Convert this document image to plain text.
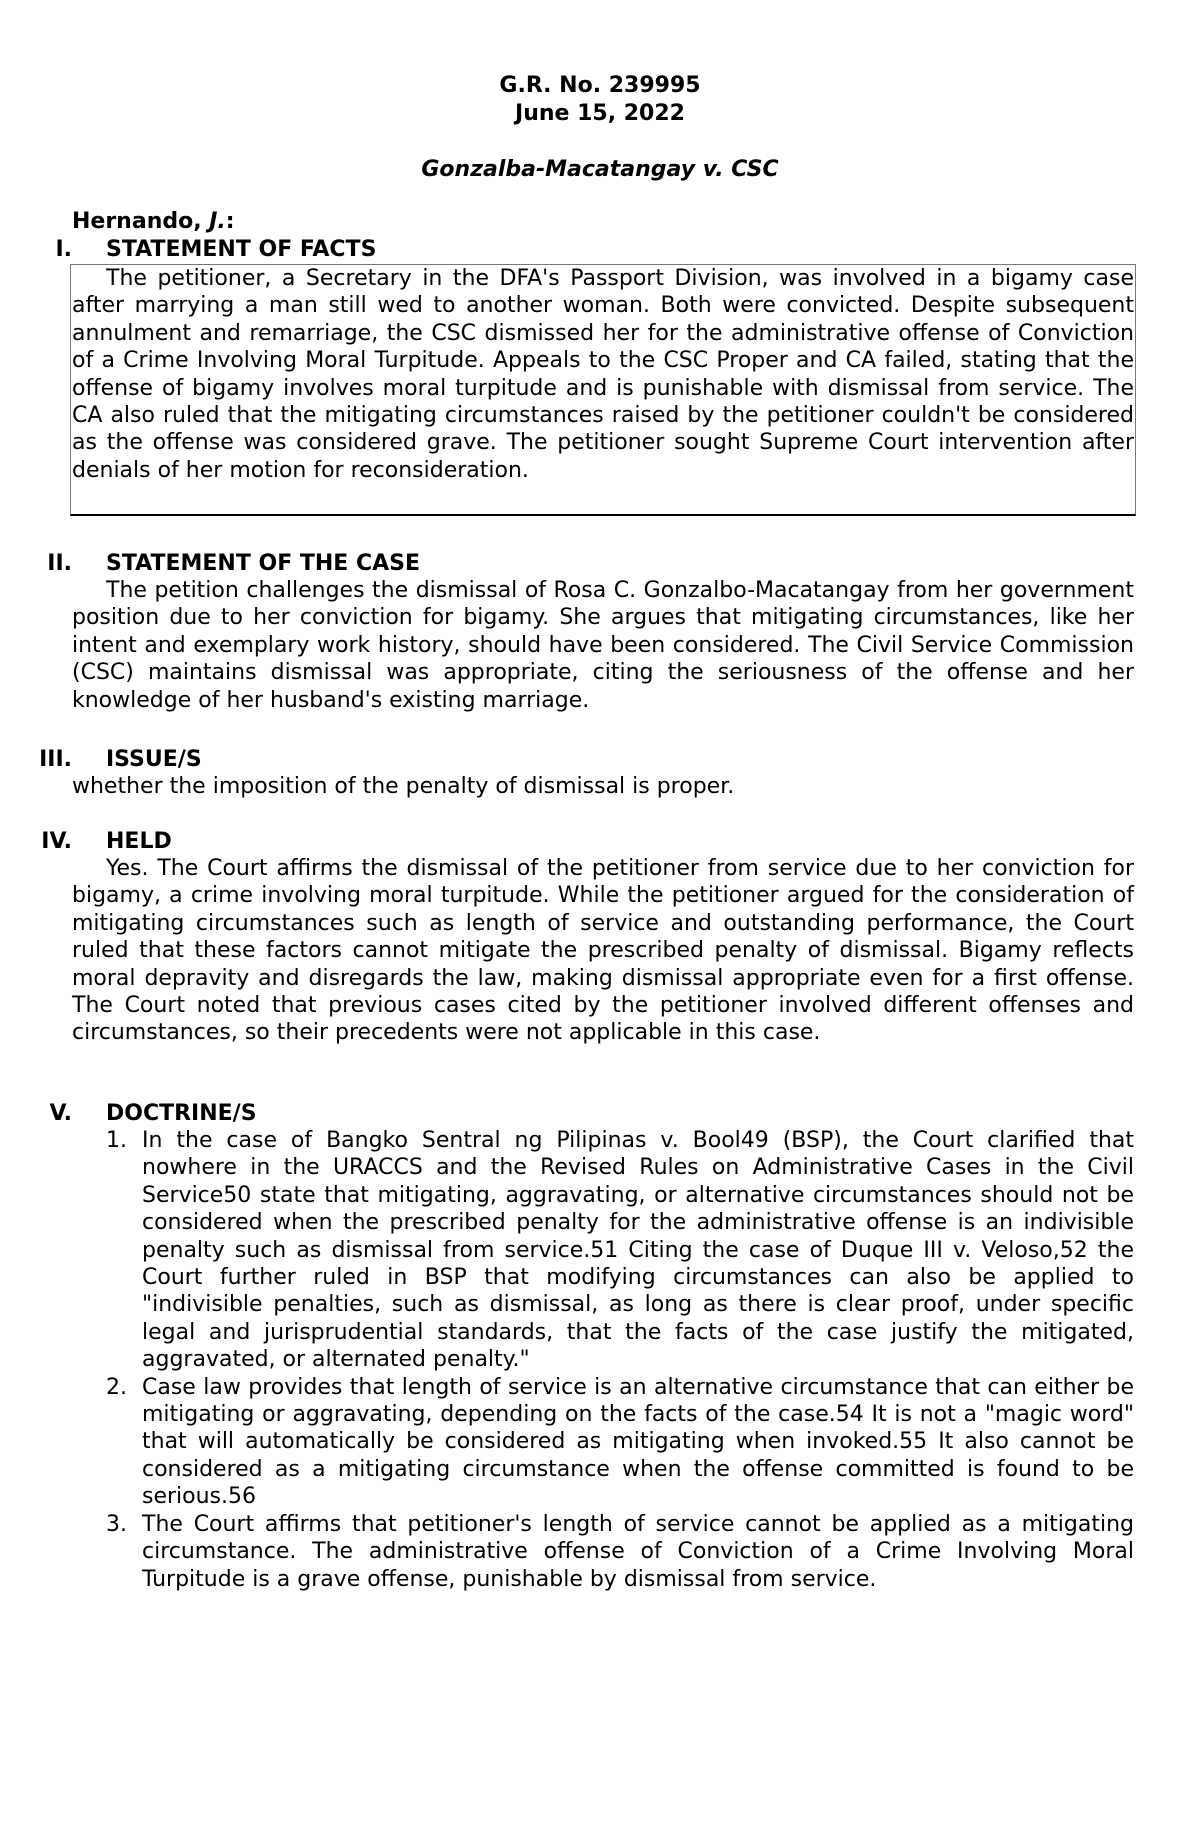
G.R. No. 239995
June 15, 2022
Gonzalba-Macatangay v. CSC
Hernando, J.:
I. STATEMENT OF FACTS
The petitioner, a Secretary in the DFA's Passport Division, was involved in a bigamy case after marrying a man still wed to another woman. Both were convicted. Despite subsequent annulment and remarriage, the CSC dismissed her for the administrative offense of Conviction of a Crime Involving Moral Turpitude. Appeals to the CSC Proper and CA failed, stating that the offense of bigamy involves moral turpitude and is punishable with dismissal from service. The CA also ruled that the mitigating circumstances raised by the petitioner couldn't be considered as the offense was considered grave. The petitioner sought Supreme Court intervention after denials of her motion for reconsideration.
II. STATEMENT OF THE CASE
The petition challenges the dismissal of Rosa C. Gonzalbo-Macatangay from her government position due to her conviction for bigamy. She argues that mitigating circumstances, like her intent and exemplary work history, should have been considered. The Civil Service Commission (CSC) maintains dismissal was appropriate, citing the seriousness of the offense and her knowledge of her husband's existing marriage.
III. ISSUE/S
whether the imposition of the penalty of dismissal is proper.
IV. HELD
Yes. The Court affirms the dismissal of the petitioner from service due to her conviction for bigamy, a crime involving moral turpitude. While the petitioner argued for the consideration of mitigating circumstances such as length of service and outstanding performance, the Court ruled that these factors cannot mitigate the prescribed penalty of dismissal. Bigamy reflects moral depravity and disregards the law, making dismissal appropriate even for a first offense. The Court noted that previous cases cited by the petitioner involved different offenses and circumstances, so their precedents were not applicable in this case.
V. DOCTRINE/S
1. In the case of Bangko Sentral ng Pilipinas v. Bool49 (BSP), the Court clarified that nowhere in the URACCS and the Revised Rules on Administrative Cases in the Civil Service50 state that mitigating, aggravating, or alternative circumstances should not be considered when the prescribed penalty for the administrative offense is an indivisible penalty such as dismissal from service.51 Citing the case of Duque III v. Veloso,52 the Court further ruled in BSP that modifying circumstances can also be applied to "indivisible penalties, such as dismissal, as long as there is clear proof, under specific legal and jurisprudential standards, that the facts of the case justify the mitigated, aggravated, or alternated penalty."
2. Case law provides that length of service is an alternative circumstance that can either be mitigating or aggravating, depending on the facts of the case.54 It is not a "magic word" that will automatically be considered as mitigating when invoked.55 It also cannot be considered as a mitigating circumstance when the offense committed is found to be serious.56
3. The Court affirms that petitioner's length of service cannot be applied as a mitigating circumstance. The administrative offense of Conviction of a Crime Involving Moral Turpitude is a grave offense, punishable by dismissal from service.
